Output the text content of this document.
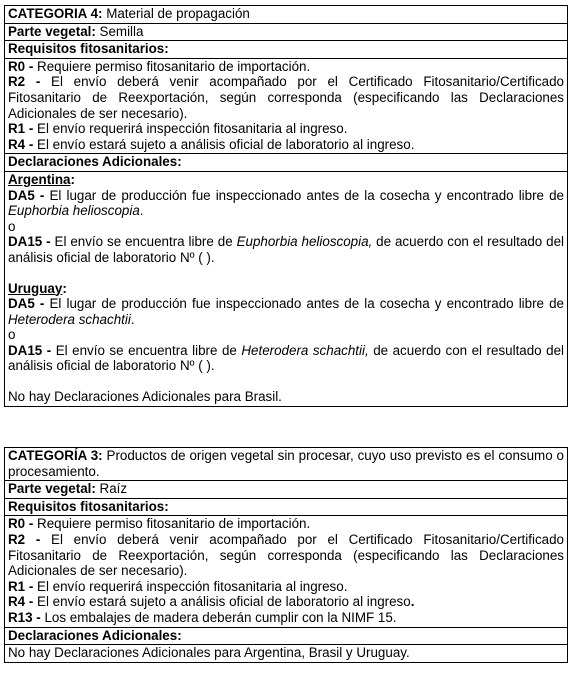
CATEGORIA 4: Material de propagación
Parte vegetal: Semilla
Requisitos fitosanitarios:

R0 - Requiere permiso fitosanitario de importación.

R2 - El envío deberá venir acompañado por el Certificado Fitosanitario/Certificado Fitosanitario de Reexportación, según corresponda (especificando las Declaraciones Adicionales de ser necesario).

R1 - El envío requerirá inspección fitosanitaria al ingreso.

R4 - El envío estará sujeto a análisis oficial de laboratorio al ingreso.

Declaraciones Adicionales:

Argentina:

DA5 - El lugar de producción fue inspeccionado antes de la cosecha y encontrado libre de Euphorbia helioscopia.

o

DA15 - El envío se encuentra libre de Euphorbia helioscopia, de acuerdo con el resultado del análisis oficial de laboratorio Nº ( ).

Uruguay:

DA5 - El lugar de producción fue inspeccionado antes de la cosecha y encontrado libre de Heterodera schachtii.

o

DA15 - El envío se encuentra libre de Heterodera schachtii, de acuerdo con el resultado del análisis oficial de laboratorio Nº ( ).

No hay Declaraciones Adicionales para Brasil.

CATEGORÍA 3: Productos de origen vegetal sin procesar, cuyo uso previsto es el consumo o procesamiento.
Parte vegetal: Raíz
Requisitos fitosanitarios:

R0 - Requiere permiso fitosanitario de importación.

R2 - El envío deberá venir acompañado por el Certificado Fitosanitario/Certificado Fitosanitario de Reexportación, según corresponda (especificando las Declaraciones Adicionales de ser necesario).

R1 - El envío requerirá inspección fitosanitaria al ingreso.

R4 - El envío estará sujeto a análisis oficial de laboratorio al ingreso.

R13 - Los embalajes de madera deberán cumplir con la NIMF 15.

Declaraciones Adicionales:

No hay Declaraciones Adicionales para Argentina, Brasil y Uruguay.
